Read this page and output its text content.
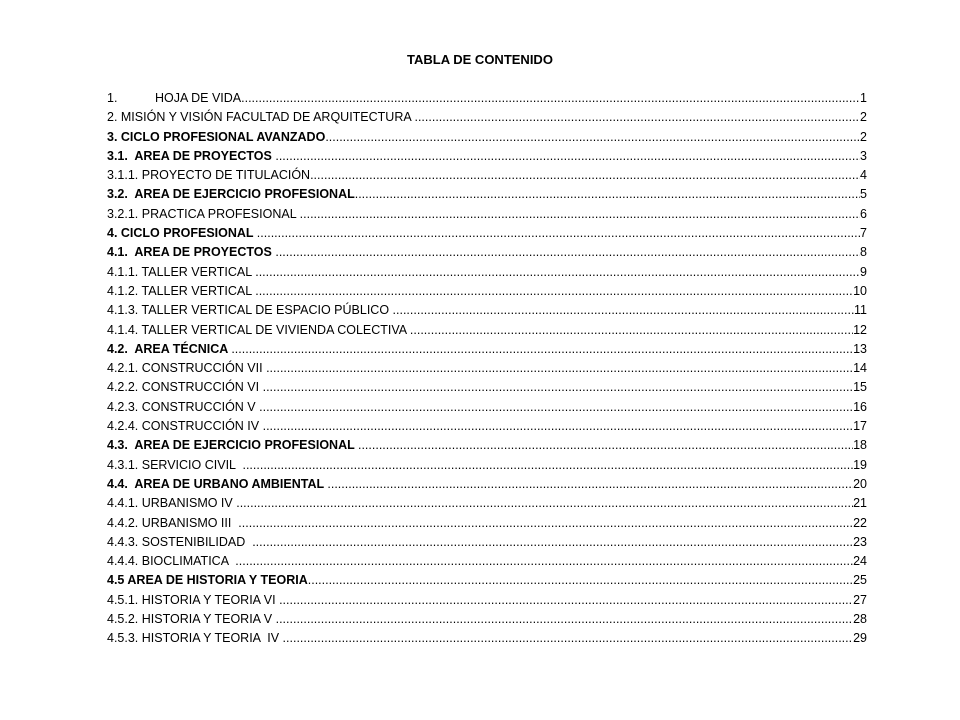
TABLA DE CONTENIDO
1.	HOJA DE VIDA .....	1
2. MISIÓN Y VISIÓN FACULTAD DE ARQUITECTURA .....	2
3. CICLO PROFESIONAL AVANZADO .....	2
3.1.  AREA DE PROYECTOS .....	3
3.1.1. PROYECTO DE TITULACIÓN .....	4
3.2.  AREA DE EJERCICIO PROFESIONAL .....	5
3.2.1. PRACTICA PROFESIONAL .....	6
4. CICLO PROFESIONAL .....	7
4.1.  AREA DE PROYECTOS .....	8
4.1.1. TALLER VERTICAL .....	9
4.1.2. TALLER VERTICAL .....	10
4.1.3. TALLER VERTICAL DE ESPACIO PÚBLICO .....	11
4.1.4. TALLER VERTICAL DE VIVIENDA COLECTIVA .....	12
4.2.  AREA TÉCNICA .....	13
4.2.1. CONSTRUCCIÓN VII .....	14
4.2.2. CONSTRUCCIÓN VI .....	15
4.2.3. CONSTRUCCIÓN V .....	16
4.2.4. CONSTRUCCIÓN IV .....	17
4.3.  AREA DE EJERCICIO PROFESIONAL .....	18
4.3.1. SERVICIO CIVIL .....	19
4.4.  AREA DE URBANO AMBIENTAL .....	20
4.4.1. URBANISMO IV .....	21
4.4.2. URBANISMO III .....	22
4.4.3. SOSTENIBILIDAD .....	23
4.4.4. BIOCLIMATICA .....	24
4.5 AREA DE HISTORIA Y TEORIA .....	25
4.5.1. HISTORIA Y TEORIA VI .....	27
4.5.2. HISTORIA Y TEORIA V .....	28
4.5.3. HISTORIA Y TEORIA  IV .....	29
